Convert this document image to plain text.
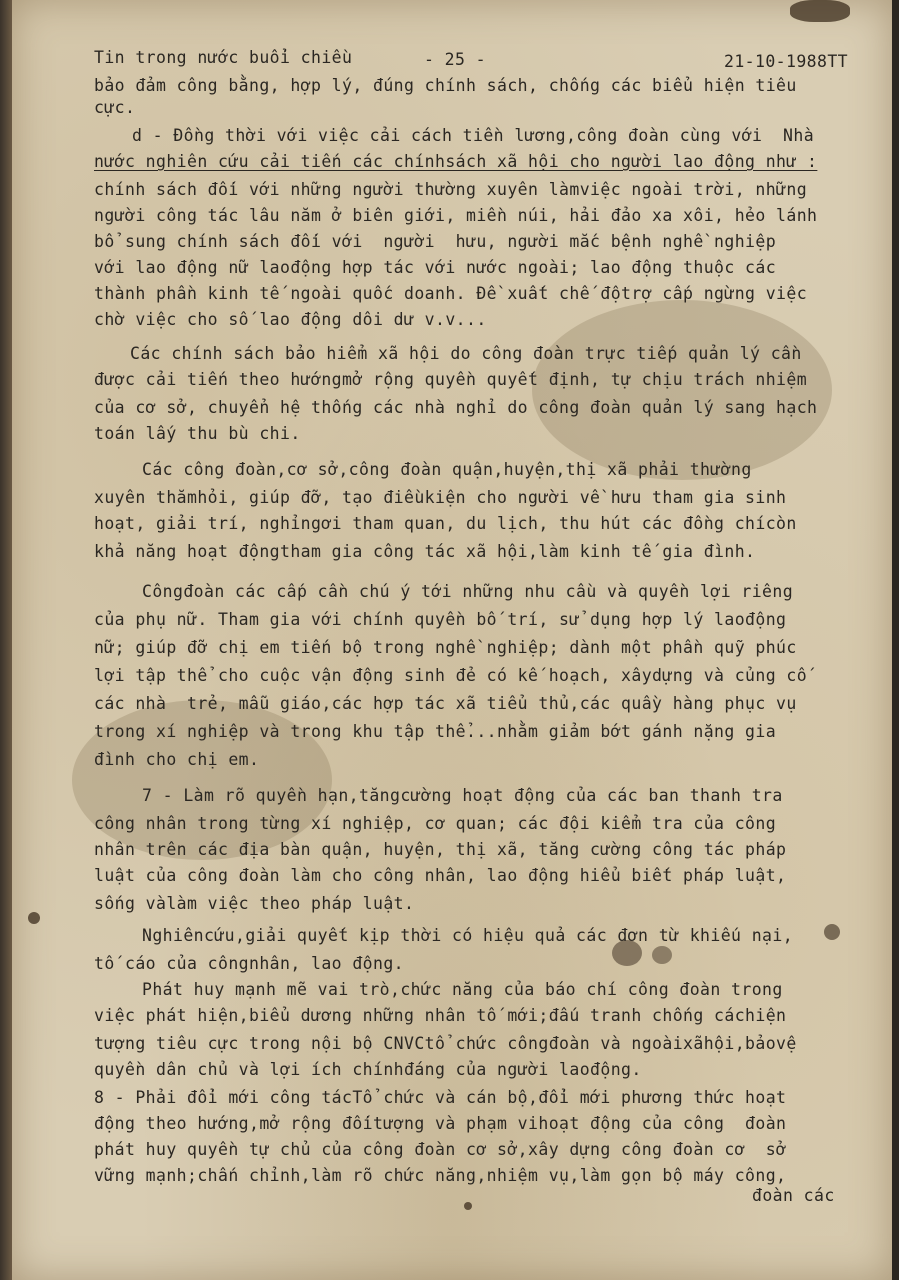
Tin trong nước buổi chiều	- 25 -	21-10-1988TT
bảo đảm công bằng, hợp lý, đúng chính sách, chống các biểu hiện tiêu
cực.
d - Đồng thời với việc cải cách tiền lương,công đoàn cùng với  Nhà
nước nghiên cứu cải tiến các chínhsách xã hội cho người lao động như :
chính sách đối với những người thường xuyên làmviệc ngoài trời, những
người công tác lâu năm ở biên giới, miền núi, hải đảo xa xôi, hẻo lánh
bổ sung chính sách đối với  người  hưu, người mắc bệnh nghề nghiệp
với lao động nữ laođộng hợp tác với nước ngoài; lao động thuộc các
thành phần kinh tế ngoài quốc doanh. Đề xuất chế độtrợ cấp ngừng việc
chờ việc cho số lao động dôi dư v.v...
Các chính sách bảo hiểm xã hội do công đoàn trực tiếp quản lý cần
được cải tiến theo hướngmở rộng quyền quyết định, tự chịu trách nhiệm
của cơ sở, chuyển hệ thống các nhà nghỉ do công đoàn quản lý sang hạch
toán lấy thu bù chi.
Các công đoàn,cơ sở,công đoàn quận,huyện,thị xã phải thường
xuyên thămhỏi, giúp đỡ, tạo điềukiện cho người về hưu tham gia sinh
hoạt, giải trí, nghỉngơi tham quan, du lịch, thu hút các đồng chícòn
khả năng hoạt độngtham gia công tác xã hội,làm kinh tế gia đình.
Côngđoàn các cấp cần chú ý tới những nhu cầu và quyền lợi riêng
của phụ nữ. Tham gia với chính quyền bố trí, sử dụng hợp lý laođộng
nữ; giúp đỡ chị em tiến bộ trong nghề nghiệp; dành một phần quỹ phúc
lợi tập thể cho cuộc vận động sinh đẻ có kế hoạch, xâydựng và củng cố
các nhà  trẻ, mẫu giáo,các hợp tác xã tiểu thủ,các quầy hàng phục vụ
trong xí nghiệp và trong khu tập thể...nhằm giảm bớt gánh nặng gia
đình cho chị em.
7 - Làm rõ quyền hạn,tăngcường hoạt động của các ban thanh tra
công nhân trong từng xí nghiệp, cơ quan; các đội kiểm tra của công
nhân trên các địa bàn quận, huyện, thị xã, tăng cường công tác pháp
luật của công đoàn làm cho công nhân, lao động hiểu biết pháp luật,
sống vàlàm việc theo pháp luật.
Nghiêncứu,giải quyết kịp thời có hiệu quả các đơn từ khiếu nại,
tố cáo của côngnhân, lao động.
Phát huy mạnh mẽ vai trò,chức năng của báo chí công đoàn trong
việc phát hiện,biểu dương những nhân tố mới;đấu tranh chống cáchiện
tượng tiêu cực trong nội bộ CNVCtổ chức côngđoàn và ngoàixãhội,bảovệ
quyền dân chủ và lợi ích chínhđáng của người laođộng.
8 - Phải đổi mới công tácTổ chức và cán bộ,đổi mới phương thức hoạt
động theo hướng,mở rộng đốitượng và phạm vihoạt động của công  đoàn
phát huy quyền tự chủ của công đoàn cơ sở,xây dựng công đoàn cơ  sở
vững mạnh;chấn chỉnh,làm rõ chức năng,nhiệm vụ,làm gọn bộ máy công,
đoàn các
